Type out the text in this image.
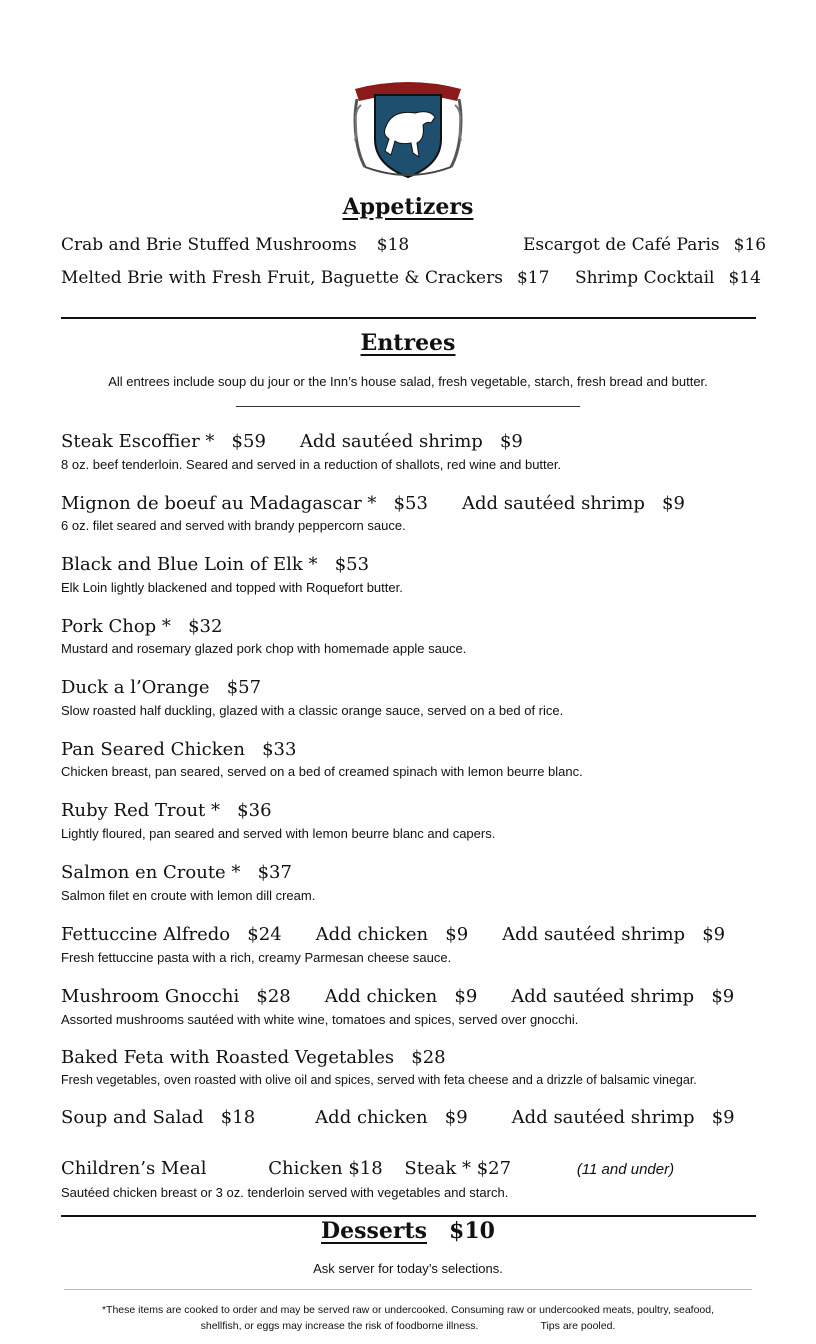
Appetizers
Crab and Brie Stuffed Mushrooms $18	Escargot de Café Paris $16
Melted Brie with Fresh Fruit, Baguette & Crackers $17 Shrimp Cocktail $14
Entrees
All entrees include soup du jour or the Inn’s house salad, fresh vegetable, starch, fresh bread and butter.
Steak Escoffier *   $59 Add sautéed shrimp   $9
8 oz. beef tenderloin. Seared and served in a reduction of shallots, red wine and butter.
Mignon de boeuf au Madagascar *   $53 Add sautéed shrimp   $9
6 oz. filet seared and served with brandy peppercorn sauce.
Black and Blue Loin of Elk *   $53
Elk Loin lightly blackened and topped with Roquefort butter.
Pork Chop *   $32
Mustard and rosemary glazed pork chop with homemade apple sauce.
Duck a l’Orange   $57
Slow roasted half duckling, glazed with a classic orange sauce, served on a bed of rice.
Pan Seared Chicken   $33
Chicken breast, pan seared, served on a bed of creamed spinach with lemon beurre blanc.
Ruby Red Trout *   $36
Lightly floured, pan seared and served with lemon beurre blanc and capers.
Salmon en Croute *   $37
Salmon filet en croute with lemon dill cream.
Fettuccine Alfredo   $24 Add chicken   $9 Add sautéed shrimp   $9
Fresh fettuccine pasta with a rich, creamy Parmesan cheese sauce.
Mushroom Gnocchi   $28 Add chicken   $9 Add sautéed shrimp   $9
Assorted mushrooms sautéed with white wine, tomatoes and spices, served over gnocchi.
Baked Feta with Roasted Vegetables   $28
Fresh vegetables, oven roasted with olive oil and spices, served with feta cheese and a drizzle of balsamic vinegar.
Soup and Salad   $18	Add chicken   $9 Add sautéed shrimp   $9
Children’s Meal	Chicken $18 Steak * $27	(11 and under)
Sautéed chicken breast or 3 oz. tenderloin served with vegetables and starch.
Desserts $10
Ask server for today’s selections.
*These items are cooked to order and may be served raw or undercooked. Consuming raw or undercooked meats, poultry, seafood,
shellfish, or eggs may increase the risk of foodborne illness.	Tips are pooled.
